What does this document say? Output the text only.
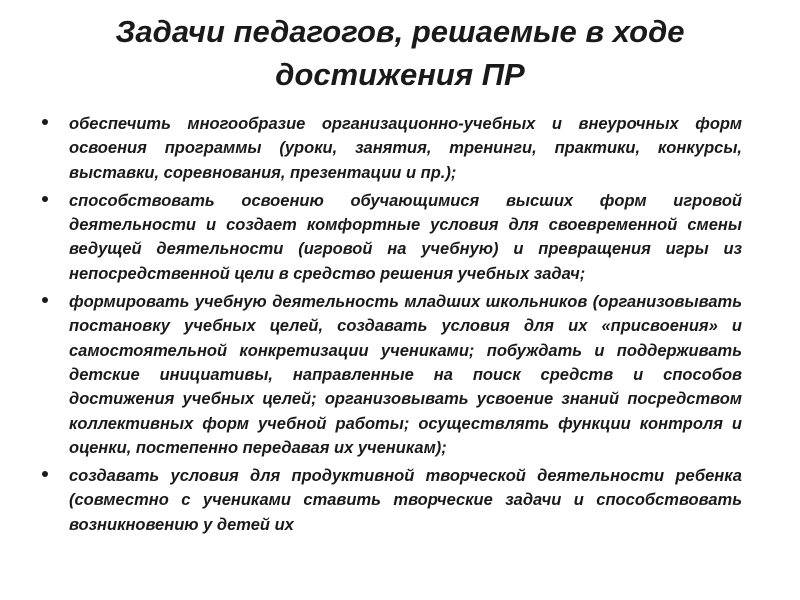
Задачи педагогов, решаемые в ходе достижения ПР
обеспечить многообразие организационно-учебных и внеурочных форм освоения программы (уроки, занятия, тренинги, практики, конкурсы, выставки, соревнования, презентации и пр.);
способствовать освоению обучающимися высших форм игровой деятельности и создает комфортные условия для своевременной смены ведущей деятельности (игровой на учебную) и превращения игры из непосредственной цели в средство решения учебных задач;
формировать учебную деятельность младших школьников (организовывать постановку учебных целей, создавать условия для их «присвоения» и самостоятельной конкретизации учениками; побуждать и поддерживать детские инициативы, направленные на поиск средств и способов достижения учебных целей; организовывать усвоение знаний посредством коллективных форм учебной работы; осуществлять функции контроля и оценки, постепенно передавая их ученикам);
создавать условия для продуктивной творческой деятельности ребенка (совместно с учениками ставить творческие задачи и способствовать возникновению у детей их
